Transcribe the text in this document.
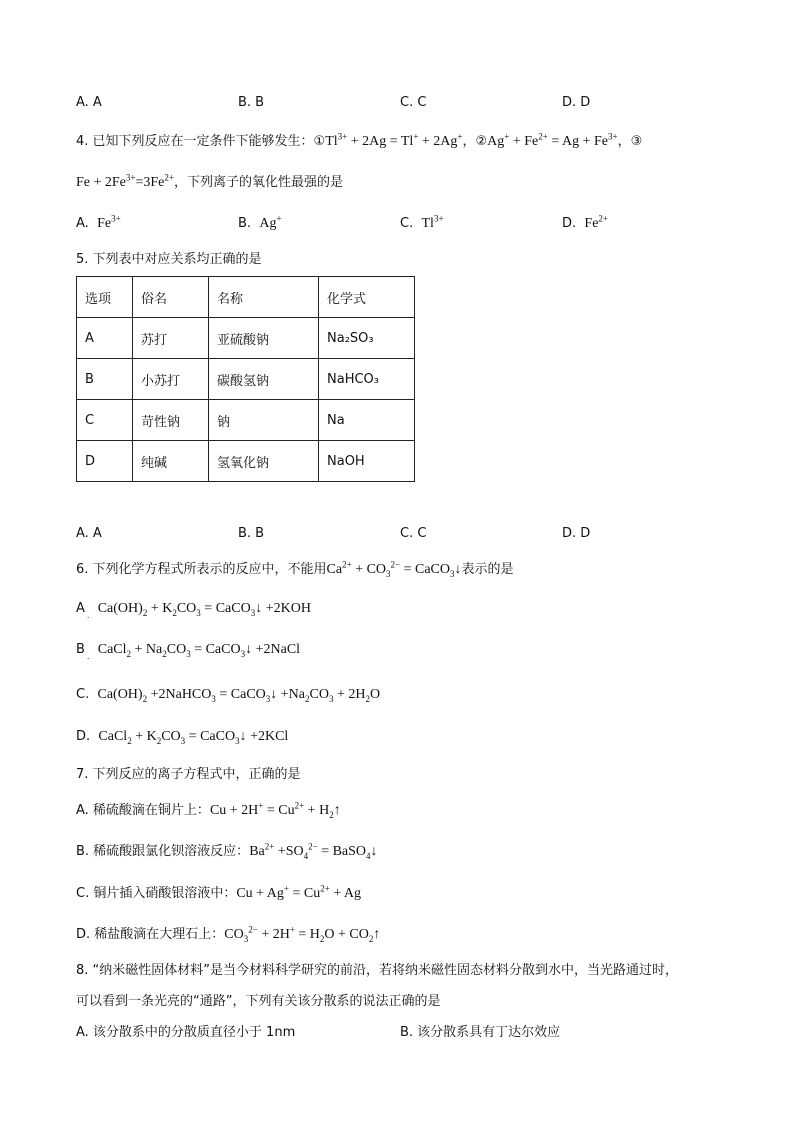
A. A	B. B	C. C	D. D
4. 已知下列反应在一定条件下能够发生：$①Tl^{3+} + 2Ag = Tl^+ + 2Ag^+$，②Ag+ + $Fe^{2+} = Ag + Fe^{3+}$，③
$Fe + 2Fe^{3+}=3Fe^{2+}$，下列离子的氧化性最强的是
A. $Fe^{3+}$	B. Ag+	C. $Tl^{3+}$	D. $Fe^{2+}$
5. 下列表中对应关系均正确的是
选项	俗名	名称	化学式
A	苏打	亚硫酸钠	Na₂SO₃
B	小苏打	碳酸氢钠	NaHCO₃
C	苛性钠	钠	Na
D	纯碱	氢氧化钠	NaOH
A. A	B. B	C. C	D. D
6. 下列化学方程式所表示的反应中，不能用$Ca^{2+} + CO_3^{2-}$ = CaCO$_3$↓表示的是
A $_.$ $Ca(OH)_2 + K_2CO_3$ = CaCO$_3$↓ +2KOH
B $_.$ CaCl$_2$ + $Na_2CO_3$ = CaCO$_3$↓ +2NaCl
C. $Ca(OH)_2$ +2NaHCO$_3$ = CaCO$_3$↓ $+Na_2CO_3 + 2H_2O$
D. CaCl$_2$ + $K_2CO_3$ = CaCO$_3$↓ +2KCl
7. 下列反应的离子方程式中，正确的是
A. 稀硫酸滴在铜片上：$Cu + 2H^+ = Cu^{2+}$ + $H_2↑$
B. 稀硫酸跟氯化钡溶液反应：$Ba^{2+} +SO_4^{2-}$ = BaSO$_4$↓
C. 铜片插入硝酸银溶液中：$Cu + Ag^+ = Cu^{2+} + Ag$
D. 稀盐酸滴在大理石上：$CO_3^{2-} + 2H^+ = H_2O$ + $CO_2↑$
8. “纳米磁性固体材料”是当今材料科学研究的前沿，若将纳米磁性固态材料分散到水中，当光路通过时，
可以看到一条光亮的“通路”，下列有关该分散系的说法正确的是
A. 该分散系中的分散质直径小于 1nm	B. 该分散系具有丁达尔效应
